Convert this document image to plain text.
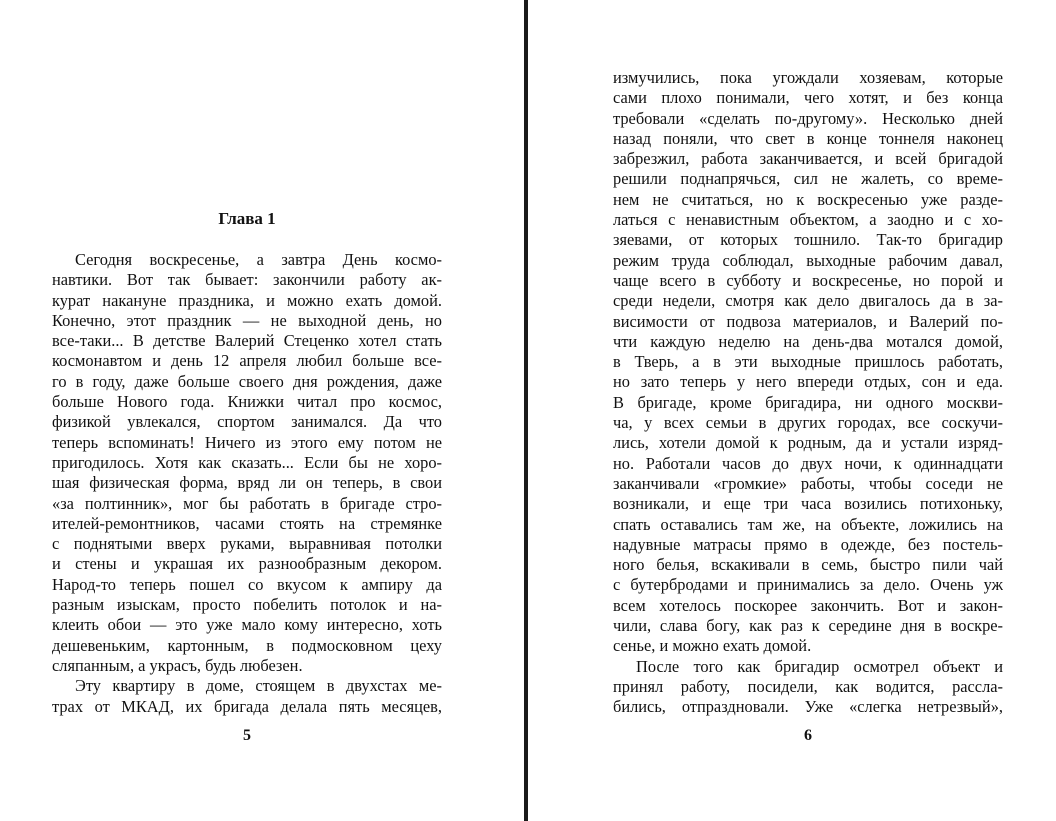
Глава 1
Сегодня воскресенье, а завтра День космо-
навтики. Вот так бывает: закончили работу ак-
курат накануне праздника, и можно ехать домой.
Конечно, этот праздник — не выходной день, но
все-таки... В детстве Валерий Стеценко хотел стать
космонавтом и день 12 апреля любил больше все-
го в году, даже больше своего дня рождения, даже
больше Нового года. Книжки читал про космос,
физикой увлекался, спортом занимался. Да что
теперь вспоминать! Ничего из этого ему потом не
пригодилось. Хотя как сказать... Если бы не хоро-
шая физическая форма, вряд ли он теперь, в свои
«за полтинник», мог бы работать в бригаде стро-
ителей-ремонтников, часами стоять на стремянке
с поднятыми вверх руками, выравнивая потолки
и стены и украшая их разнообразным декором.
Народ-то теперь пошел со вкусом к ампиру да
разным изыскам, просто побелить потолок и на-
клеить обои — это уже мало кому интересно, хоть
дешевеньким, картонным, в подмосковном цеху
сляпанным, а украсъ, будь любезен.
Эту квартиру в доме, стоящем в двухстах ме-
трах от МКАД, их бригада делала пять месяцев,
5
измучились, пока угождали хозяевам, которые
сами плохо понимали, чего хотят, и без конца
требовали «сделать по-другому». Несколько дней
назад поняли, что свет в конце тоннеля наконец
забрезжил, работа заканчивается, и всей бригадой
решили поднапрячься, сил не жалеть, со време-
нем не считаться, но к воскресенью уже разде-
латься с ненавистным объектом, а заодно и с хо-
зяевами, от которых тошнило. Так-то бригадир
режим труда соблюдал, выходные рабочим давал,
чаще всего в субботу и воскресенье, но порой и
среди недели, смотря как дело двигалось да в за-
висимости от подвоза материалов, и Валерий по-
чти каждую неделю на день-два мотался домой,
в Тверь, а в эти выходные пришлось работать,
но зато теперь у него впереди отдых, сон и еда.
В бригаде, кроме бригадира, ни одного москви-
ча, у всех семьи в других городах, все соскучи-
лись, хотели домой к родным, да и устали изряд-
но. Работали часов до двух ночи, к одиннадцати
заканчивали «громкие» работы, чтобы соседи не
возникали, и еще три часа возились потихоньку,
спать оставались там же, на объекте, ложились на
надувные матрасы прямо в одежде, без постель-
ного белья, вскакивали в семь, быстро пили чай
с бутербродами и принимались за дело. Очень уж
всем хотелось поскорее закончить. Вот и закон-
чили, слава богу, как раз к середине дня в воскре-
сенье, и можно ехать домой.
После того как бригадир осмотрел объект и
принял работу, посидели, как водится, рассла-
бились, отпраздновали. Уже «слегка нетрезвый»,
6
